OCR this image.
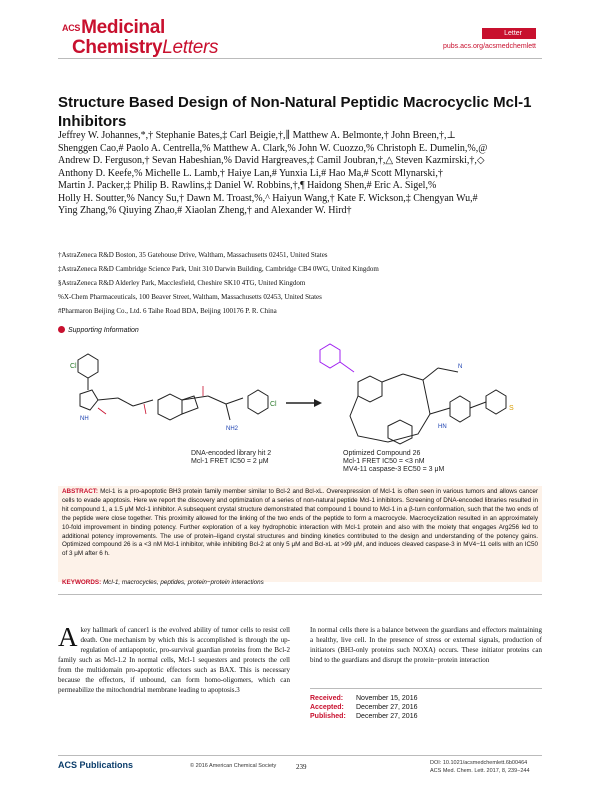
$^{ACS}$Medicinal
ChemistryLetters
Letter
pubs.acs.org/acsmedchemlett
Structure Based Design of Non-Natural Peptidic Macrocyclic Mcl-1 Inhibitors
Jeffrey W. Johannes,*,† Stephanie Bates,‡ Carl Beigie,†,∥ Matthew A. Belmonte,† John Breen,†,⊥
Shenggen Cao,# Paolo A. Centrella,% Matthew A. Clark,% John W. Cuozzo,% Christoph E. Dumelin,%,@
Andrew D. Ferguson,† Sevan Habeshian,% David Hargreaves,‡ Camil Joubran,†,△ Steven Kazmirski,†,◇
Anthony D. Keefe,% Michelle L. Lamb,† Haiye Lan,# Yunxia Li,# Hao Ma,# Scott Mlynarski,†
Martin J. Packer,‡ Philip B. Rawlins,‡ Daniel W. Robbins,†,¶ Haidong Shen,# Eric A. Sigel,%
Holly H. Soutter,% Nancy Su,† Dawn M. Troast,%,^ Haiyun Wang,† Kate F. Wickson,‡ Chengyan Wu,#
Ying Zhang,% Qiuying Zhao,# Xiaolan Zheng,† and Alexander W. Hird†
†AstraZeneca R&D Boston, 35 Gatehouse Drive, Waltham, Massachusetts 02451, United States
‡AstraZeneca R&D Cambridge Science Park, Unit 310 Darwin Building, Cambridge CB4 0WG, United Kingdom
§AstraZeneca R&D Alderley Park, Macclesfield, Cheshire SK10 4TG, United Kingdom
%X-Chem Pharmaceuticals, 100 Beaver Street, Waltham, Massachusetts 02453, United States
#Pharmaron Beijing Co., Ltd. 6 Taihe Road BDA, Beijing 100176 P. R. China
Supporting Information
Cl
Cl
NH
NH2
S
N
HN
DNA-encoded library hit 2
Mcl-1 FRET IC50 = 2 μM
Optimized Compound 26
Mcl-1 FRET IC50 = <3 nM
MV4-11 caspase-3 EC50 = 3 μM
ABSTRACT: Mcl-1 is a pro-apoptotic BH3 protein family member similar to Bcl-2 and Bcl-xL. Overexpression of Mcl-1 is often seen in various tumors and allows cancer cells to evade apoptosis. Here we report the discovery and optimization of a series of non-natural peptide Mcl-1 inhibitors. Screening of DNA-encoded libraries resulted in hit compound 1, a 1.5 μM Mcl-1 inhibitor. A subsequent crystal structure demonstrated that compound 1 bound to Mcl-1 in a β-turn conformation, such that the two ends of the peptide were close together. This proximity allowed for the linking of the two ends of the peptide to form a macrocycle. Macrocyclization resulted in an approximately 10-fold improvement in binding potency. Further exploration of a key hydrophobic interaction with Mcl-1 protein and also with the moiety that engages Arg256 led to additional potency improvements. The use of protein–ligand crystal structures and binding kinetics contributed to the design and understanding of the potency gains. Optimized compound 26 is a <3 nM Mcl-1 inhibitor, while inhibiting Bcl-2 at only 5 μM and Bcl-xL at >99 μM, and induces cleaved caspase-3 in MV4−11 cells with an IC50 of 3 μM after 6 h.
KEYWORDS: Mcl-1, macrocycles, peptides, protein−protein interactions
Akey hallmark of cancer1 is the evolved ability of tumor cells to resist cell death. One mechanism by which this is accomplished is through the up-regulation of antiapoptotic, pro-survival guardian proteins from the Bcl-2 family such as Mcl-1.2 In normal cells, Mcl-1 sequesters and protects the cell from the multidomain pro-apoptotic effectors such as BAX. This is necessary because the effectors, if unbound, can form homo-oligomers, which can permeabilize the mitochondrial membrane leading to apoptosis.3
In normal cells there is a balance between the guardians and effectors maintaining a healthy, live cell. In the presence of stress or external signals, production of initiators (BH3-only proteins such NOXA) occurs. These initiator proteins can bind to the guardians and disrupt the protein−protein interaction
Received: November 15, 2016
Accepted: December 27, 2016
Published: December 27, 2016
ACS Publications	© 2016 American Chemical Society	239	DOI: 10.1021/acsmedchemlett.6b00464
ACS Med. Chem. Lett. 2017, 8, 239−244
